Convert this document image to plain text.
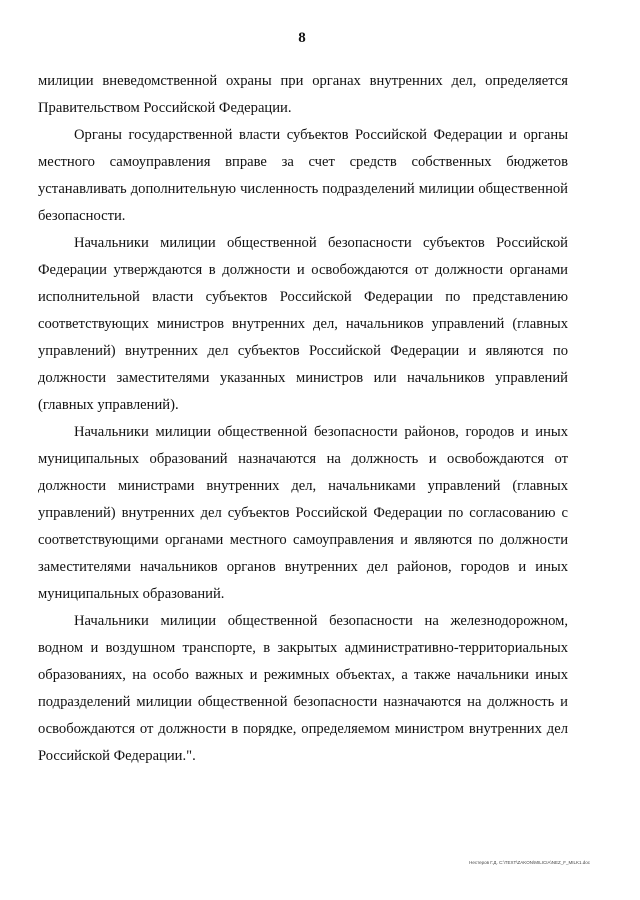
8

милиции вневедомственной охраны при органах внутренних дел, определяется Правительством Российской Федерации.

Органы государственной власти субъектов Российской Федерации и органы местного самоуправления вправе за счет средств собственных бюджетов устанавливать дополнительную численность подразделений милиции общественной безопасности.

Начальники милиции общественной безопасности субъектов Российской Федерации утверждаются в должности и освобождаются от должности органами исполнительной власти субъектов Российской Федерации по представлению соответствующих министров внутренних дел, начальников управлений (главных управлений) внутренних дел субъектов Российской Федерации и являются по должности заместителями указанных министров или начальников управлений (главных управлений).

Начальники милиции общественной безопасности районов, городов и иных муниципальных образований назначаются на должность и освобождаются от должности министрами внутренних дел, начальниками управлений (главных управлений) внутренних дел субъектов Российской Федерации по согласованию с соответствующими органами местного самоуправления и являются по должности заместителями начальников органов внутренних дел районов, городов и иных муниципальных образований.

Начальники милиции общественной безопасности на железнодорожном, водном и воздушном транспорте, в закрытых административно-территориальных образованиях, на особо важных и режимных объектах, а также начальники иных подразделений милиции общественной безопасности назначаются на должность и освобождаются от должности в порядке, определяемом министром внутренних дел Российской Федерации.".

Нестеров Г.Д. C:\TEXT\ZAKON\MILICIA\NEZ_F_MILK1.doc
